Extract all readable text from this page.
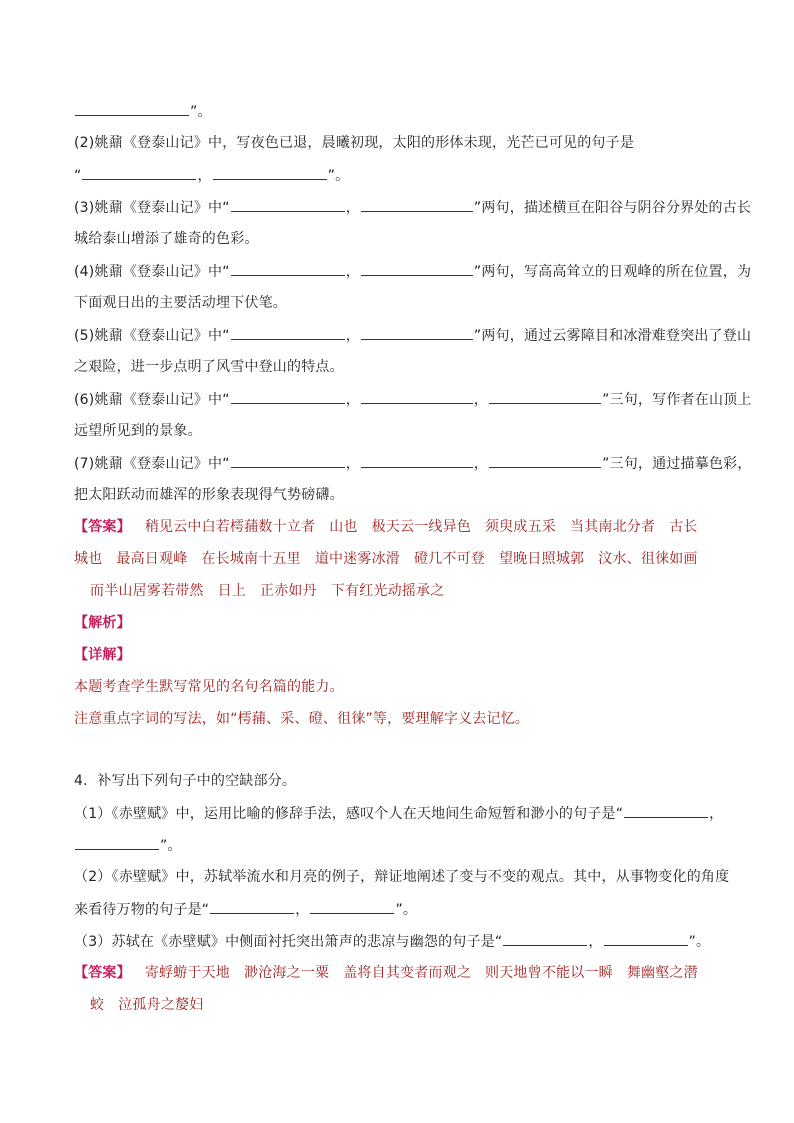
”。
(2)姚鼐《登泰山记》中，写夜色已退，晨曦初现，太阳的形体未现，光芒已可见的句子是
“	，	”。
(3)姚鼐《登泰山记》中“	，	”两句，描述横亘在阳谷与阴谷分界处的古长
城给泰山增添了雄奇的色彩。
(4)姚鼐《登泰山记》中“	，	”两句，写高高耸立的日观峰的所在位置，为
下面观日出的主要活动埋下伏笔。
(5)姚鼐《登泰山记》中“	，	”两句，通过云雾障目和冰滑难登突出了登山
之艰险，进一步点明了风雪中登山的特点。
(6)姚鼐《登泰山记》中“	，	，	”三句，写作者在山顶上
远望所见到的景象。
(7)姚鼐《登泰山记》中“	，	，	”三句，通过描摹色彩，
把太阳跃动而雄浑的形象表现得气势磅礴。
【答案】 稍见云中白若樗蒱数十立者 山也 极天云一线异色 须臾成五采 当其南北分者 古长
城也 最高日观峰 在长城南十五里 道中迷雾冰滑 磴几不可登 望晚日照城郭 汶水、徂徕如画
而半山居雾若带然 日上 正赤如丹 下有红光动摇承之
【解析】
【详解】
本题考查学生默写常见的名句名篇的能力。
注意重点字词的写法，如“樗蒱、采、磴、徂徕”等，要理解字义去记忆。
4．补写出下列句子中的空缺部分。
（1）《赤壁赋》中，运用比喻的修辞手法，感叹个人在天地间生命短暂和渺小的句子是“	，
”。
（2）《赤壁赋》中，苏轼举流水和月亮的例子，辩证地阐述了变与不变的观点。其中，从事物变化的角度
来看待万物的句子是“	，	”。
（3）苏轼在《赤壁赋》中侧面衬托突出箫声的悲凉与幽怨的句子是“	，	”。
【答案】 寄蜉蝣于天地 渺沧海之一粟 盖将自其变者而观之 则天地曾不能以一瞬 舞幽壑之潜
蛟 泣孤舟之嫠妇
